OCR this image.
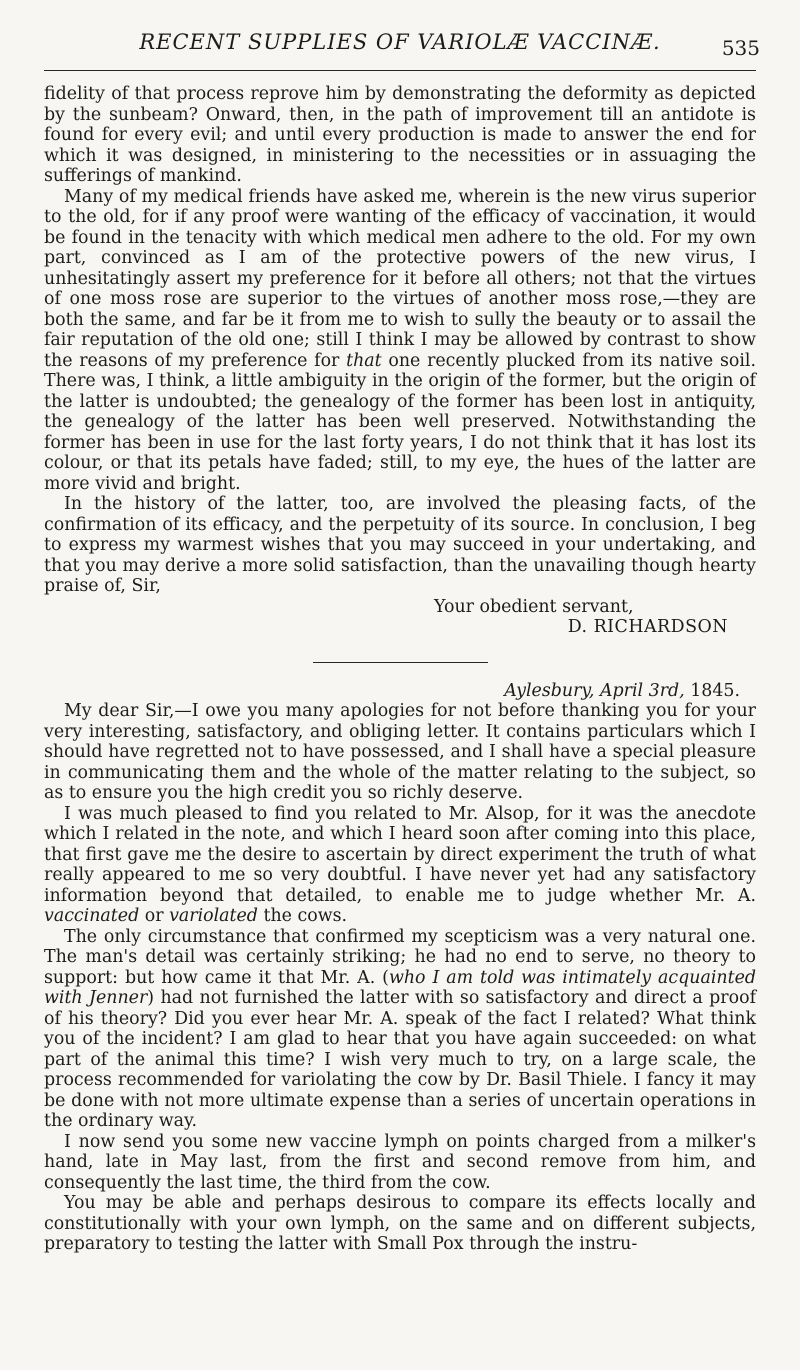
RECENT SUPPLIES OF VARIOLÆ VACCINÆ.	535

fidelity of that process reprove him by demonstrating the deformity as depicted by the sunbeam? Onward, then, in the path of improvement till an antidote is found for every evil; and until every production is made to answer the end for which it was designed, in ministering to the necessities or in assuaging the sufferings of mankind.

Many of my medical friends have asked me, wherein is the new virus superior to the old, for if any proof were wanting of the efficacy of vaccination, it would be found in the tenacity with which medical men adhere to the old. For my own part, convinced as I am of the protective powers of the new virus, I unhesitatingly assert my preference for it before all others; not that the virtues of one moss rose are superior to the virtues of another moss rose,—they are both the same, and far be it from me to wish to sully the beauty or to assail the fair reputation of the old one; still I think I may be allowed by contrast to show the reasons of my preference for that one recently plucked from its native soil. There was, I think, a little ambiguity in the origin of the former, but the origin of the latter is undoubted; the genealogy of the former has been lost in antiquity, the genealogy of the latter has been well preserved. Notwithstanding the former has been in use for the last forty years, I do not think that it has lost its colour, or that its petals have faded; still, to my eye, the hues of the latter are more vivid and bright.

In the history of the latter, too, are involved the pleasing facts, of the confirmation of its efficacy, and the perpetuity of its source. In conclusion, I beg to express my warmest wishes that you may succeed in your undertaking, and that you may derive a more solid satisfaction, than the unavailing though hearty praise of, Sir,

Your obedient servant,

D. RICHARDSON

Aylesbury, April 3rd, 1845.

My dear Sir,—I owe you many apologies for not before thanking you for your very interesting, satisfactory, and obliging letter. It contains particulars which I should have regretted not to have possessed, and I shall have a special pleasure in communicating them and the whole of the matter relating to the subject, so as to ensure you the high credit you so richly deserve.

I was much pleased to find you related to Mr. Alsop, for it was the anecdote which I related in the note, and which I heard soon after coming into this place, that first gave me the desire to ascertain by direct experiment the truth of what really appeared to me so very doubtful. I have never yet had any satisfactory information beyond that detailed, to enable me to judge whether Mr. A. vaccinated or variolated the cows.

The only circumstance that confirmed my scepticism was a very natural one. The man's detail was certainly striking; he had no end to serve, no theory to support: but how came it that Mr. A. (who I am told was intimately acquainted with Jenner) had not furnished the latter with so satisfactory and direct a proof of his theory? Did you ever hear Mr. A. speak of the fact I related? What think you of the incident? I am glad to hear that you have again succeeded: on what part of the animal this time? I wish very much to try, on a large scale, the process recommended for variolating the cow by Dr. Basil Thiele. I fancy it may be done with not more ultimate expense than a series of uncertain operations in the ordinary way.

I now send you some new vaccine lymph on points charged from a milker's hand, late in May last, from the first and second remove from him, and consequently the last time, the third from the cow.

You may be able and perhaps desirous to compare its effects locally and constitutionally with your own lymph, on the same and on different subjects, preparatory to testing the latter with Small Pox through the instru-
